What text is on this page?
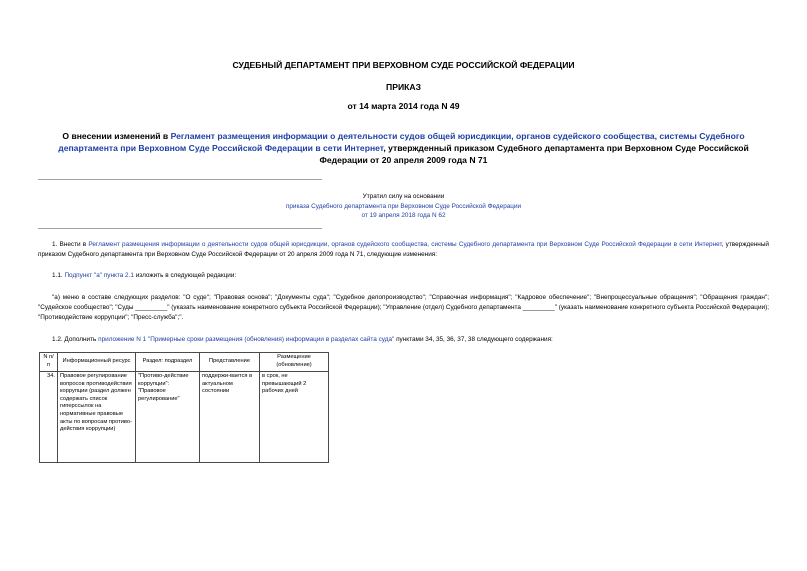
СУДЕБНЫЙ ДЕПАРТАМЕНТ ПРИ ВЕРХОВНОМ СУДЕ РОССИЙСКОЙ ФЕДЕРАЦИИ
ПРИКАЗ
от 14 марта 2014 года N 49
О внесении изменений в Регламент размещения информации о деятельности судов общей юрисдикции, органов судейского сообщества, системы Судебного департамента при Верховном Суде Российской Федерации в сети Интернет, утвержденный приказом Судебного департамента при Верховном Суде Российской Федерации от 20 апреля 2009 года N 71
Утратил силу на основании
приказа Судебного департамента при Верховном Суде Российской Федерации
от 19 апреля 2018 года N 62
1. Внести в Регламент размещения информации о деятельности судов общей юрисдикции, органов судейского сообщества, системы Судебного департамента при Верховном Суде Российской Федерации в сети Интернет, утвержденный приказом Судебного департамента при Верховном Суде Российской Федерации от 20 апреля 2009 года N 71, следующие изменения:
1.1. Подпункт "а" пункта 2.1 изложить в следующей редакции:
"а) меню в составе следующих разделов: "О суде"; "Правовая основа"; "Документы суда"; "Судебное делопроизводство"; "Справочная информация"; "Кадровое обеспечение"; "Внепроцессуальные обращения"; "Обращения граждан"; "Судейское сообщество"; "Суды _________" (указать наименование конкретного субъекта Российской Федерации); "Управление (отдел) Судебного департамента _________" (указать наименование конкретного субъекта Российской Федерации); "Противодействие коррупции"; "Пресс-служба";".
1.2. Дополнить приложение N 1 "Примерные сроки размещения (обновления) информации в разделах сайта суда" пунктами 34, 35, 36, 37, 38 следующего содержания:
N п/п	Информационный ресурс	Раздел: подраздел	Представление	Размещение (обновление)
34.	Правовое регулирование вопросов противодействия коррупции (раздел должен содержать список гиперссылок на нормативные правовые акты по вопросам противо-действия коррупции)	"Противо-действие коррупции": "Правовое регулирование"	поддержи-вается в актуальном состоянии	в срок, не превышающий 2 рабочих дней
